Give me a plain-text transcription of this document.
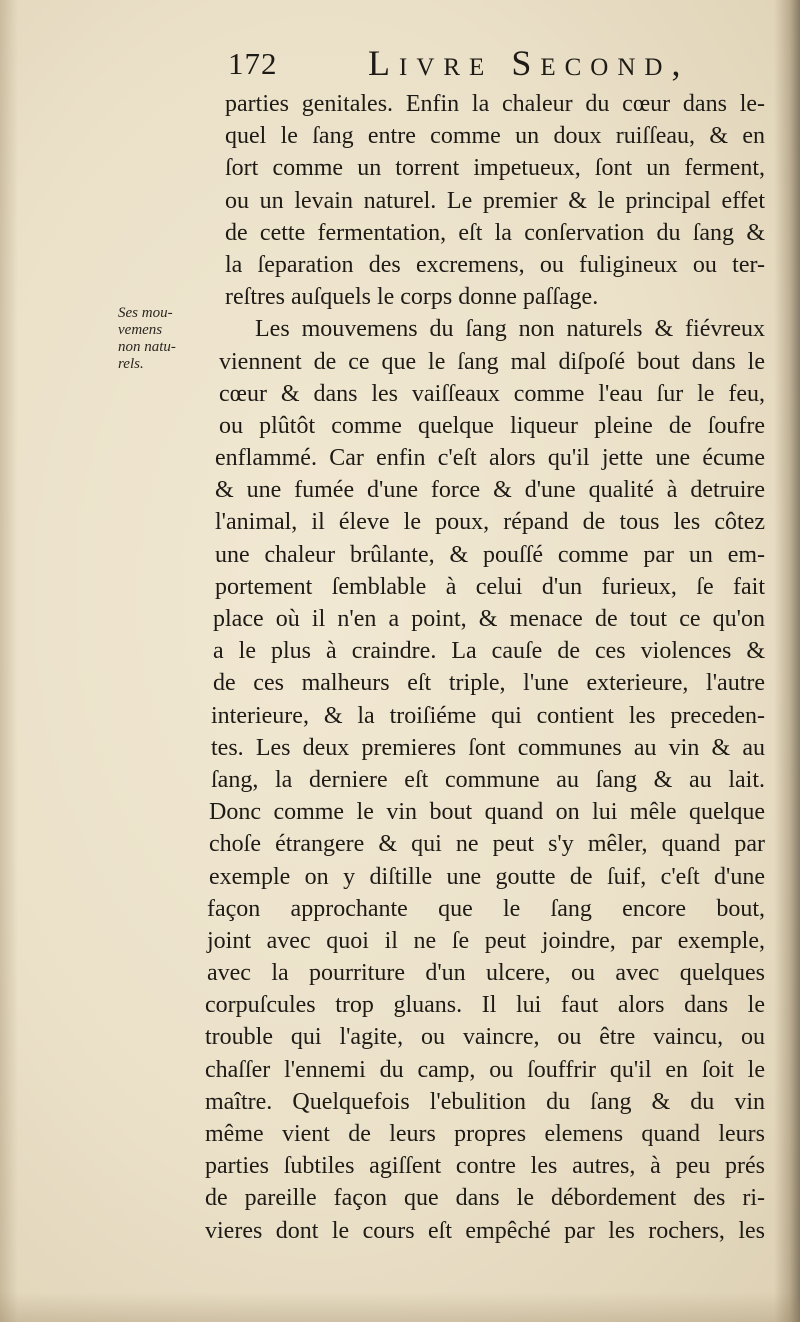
172	Livre Second,
Ses mou-
vemens
non natu-
rels.
parties genitales. Enfin la chaleur du cœur dans le-
quel le ſang entre comme un doux ruiſſeau, & en
ſort comme un torrent impetueux, ſont un ferment,
ou un levain naturel. Le premier & le principal effet
de cette fermentation, eſt la conſervation du ſang &
la ſeparation des excremens, ou fuligineux ou ter-
reſtres auſquels le corps donne paſſage.
Les mouvemens du ſang non naturels & fiévreux
viennent de ce que le ſang mal diſpoſé bout dans le
cœur & dans les vaiſſeaux comme l'eau ſur le feu,
ou plûtôt comme quelque liqueur pleine de ſoufre
enflammé. Car enfin c'eſt alors qu'il jette une écume
& une fumée d'une force & d'une qualité à detruire
l'animal, il éleve le poux, répand de tous les côtez
une chaleur brûlante, & pouſſé comme par un em-
portement ſemblable à celui d'un furieux, ſe fait
place où il n'en a point, & menace de tout ce qu'on
a le plus à craindre. La cauſe de ces violences &
de ces malheurs eſt triple, l'une exterieure, l'autre
interieure, & la troiſiéme qui contient les preceden-
tes. Les deux premieres ſont communes au vin & au
ſang, la derniere eſt commune au ſang & au lait.
Donc comme le vin bout quand on lui mêle quelque
choſe étrangere & qui ne peut s'y mêler, quand par
exemple on y diſtille une goutte de ſuif, c'eſt d'une
façon approchante que le ſang encore bout,
joint avec quoi il ne ſe peut joindre, par exemple,
avec la pourriture d'un ulcere, ou avec quelques
corpuſcules trop gluans. Il lui faut alors dans le
trouble qui l'agite, ou vaincre, ou être vaincu, ou
chaſſer l'ennemi du camp, ou ſouffrir qu'il en ſoit le
maître. Quelquefois l'ebulition du ſang & du vin
même vient de leurs propres elemens quand leurs
parties ſubtiles agiſſent contre les autres, à peu prés
de pareille façon que dans le débordement des ri-
vieres dont le cours eſt empêché par les rochers, les
